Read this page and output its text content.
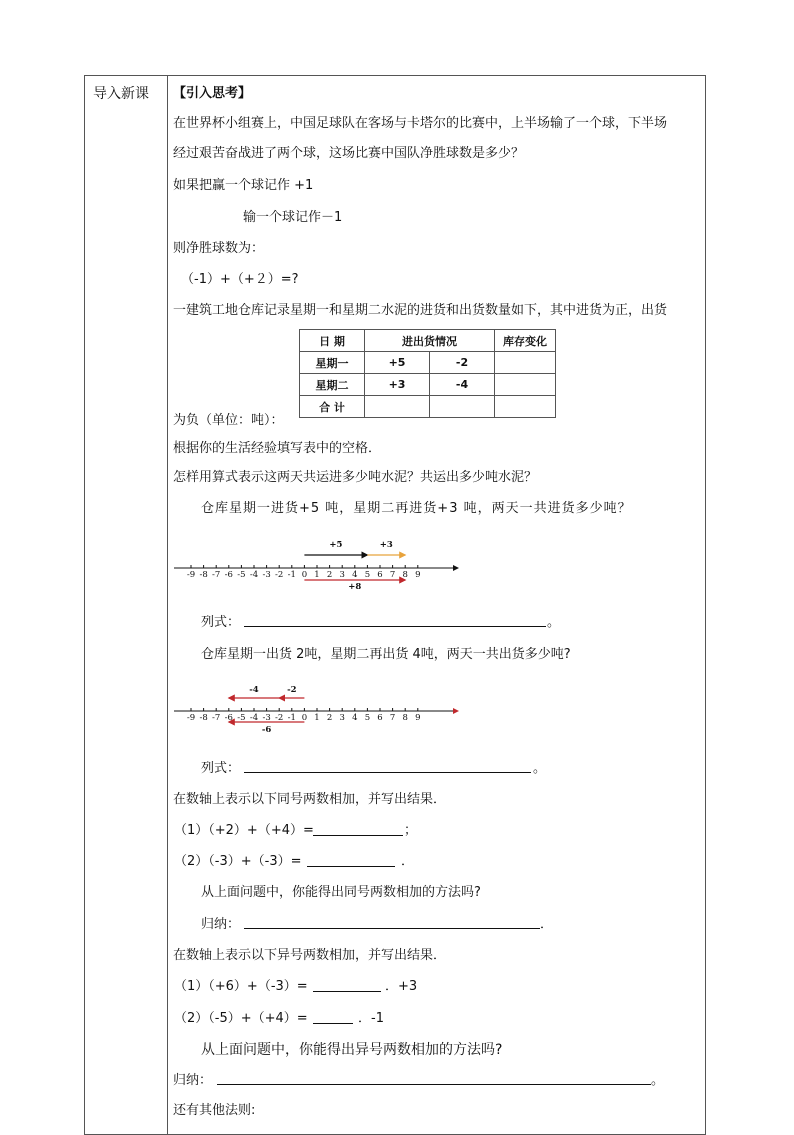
导入新课 【引入思考】
在世界杯小组赛上，中国足球队在客场与卡塔尔的比赛中，上半场输了一个球，下半场
经过艰苦奋战进了两个球，这场比赛中国队净胜球数是多少？
如果把赢一个球记作 +1
输一个球记作－1
则净胜球数为：
（-1）+（+２）=?
一建筑工地仓库记录星期一和星期二水泥的进货和出货数量如下，其中进货为正，出货
日 期	进出货情况		库存变化
星期一	+5	-2	
星期二	+3	-4	
合 计			
为负（单位：吨）：
根据你的生活经验填写表中的空格．
怎样用算式表示这两天共运进多少吨水泥？共运出多少吨水泥？
仓库星期一进货+5 吨，星期二再进货+3 吨，两天一共进货多少吨？
-9 -8 -7 -6 -5 -4 -3 -2 -1 0 1 2 3 4 5 6 7 8 9
+5	+3
+8
列式：	。
仓库星期一出货 2吨，星期二再出货 4吨，两天一共出货多少吨?
-9 -8 -7 -6 -5 -4 -3 -2 -1 0 1 2 3 4 5 6 7 8 9
-2
-4
-6
列式：	。
在数轴上表示以下同号两数相加，并写出结果．
（1）（+2）+（+4）=	；
（2）（-3）+（-3）=	．
从上面问题中，你能得出同号两数相加的方法吗?
归纳：	．
在数轴上表示以下异号两数相加，并写出结果．
（1）（+6）+（-3）=	．+3
（2）（-5）+（+4）=	．-1
从上面问题中，你能得出异号两数相加的方法吗?
归纳：	。
还有其他法则:
